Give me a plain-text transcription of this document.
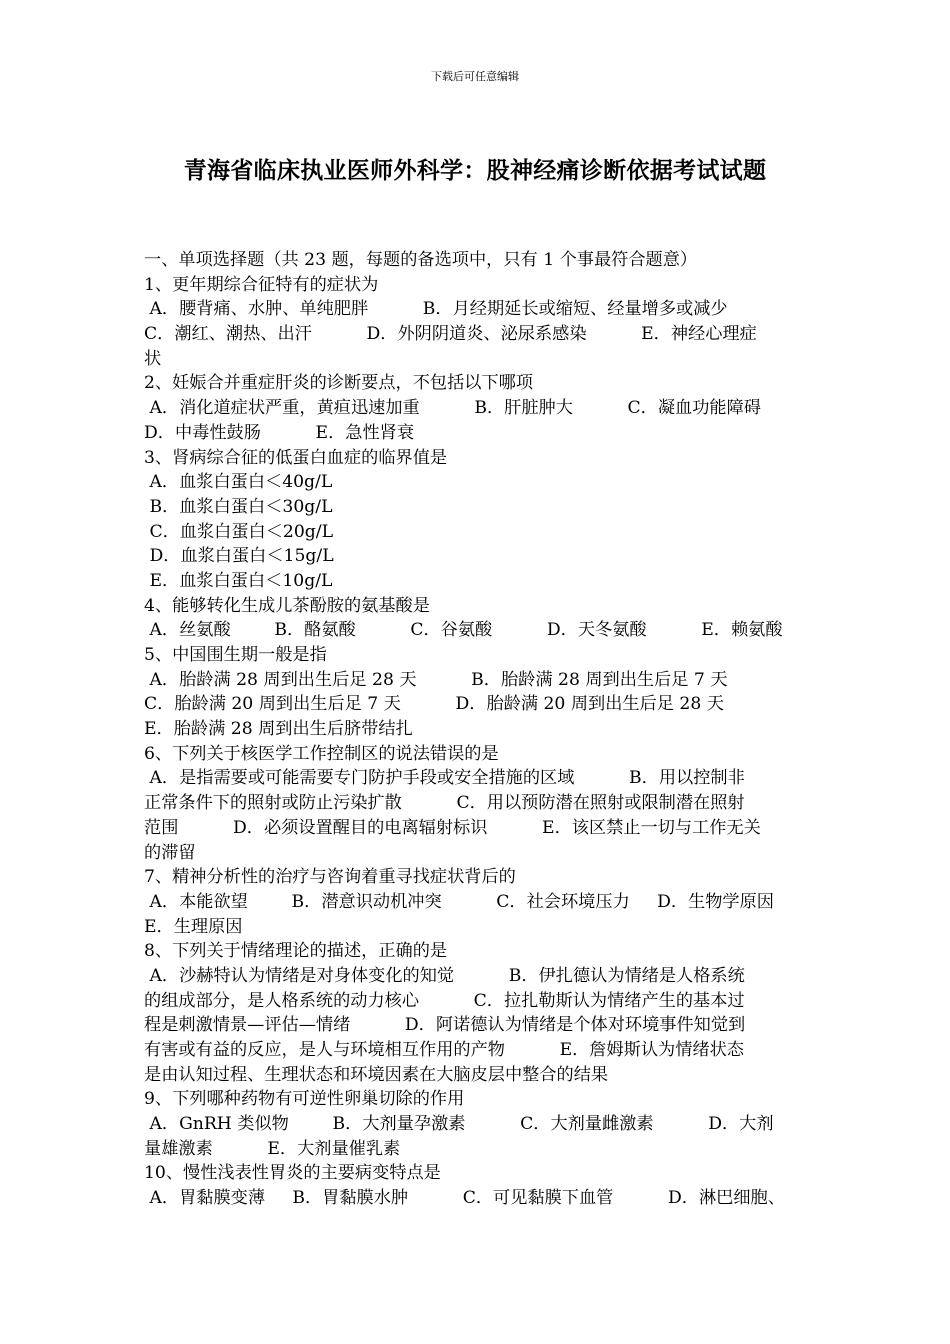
下载后可任意编辑
青海省临床执业医师外科学：股神经痛诊断依据考试试题
一、单项选择题（共 23 题，每题的备选项中，只有 1 个事最符合题意）
1、更年期综合征特有的症状为
A．腰背痛、水肿、单纯肥胖          B．月经期延长或缩短、经量增多或减少
C．潮红、潮热、出汗          D．外阴阴道炎、泌尿系感染          E．神经心理症
状
2、妊娠合并重症肝炎的诊断要点，不包括以下哪项
A．消化道症状严重，黄疸迅速加重          B．肝脏肿大          C．凝血功能障碍
D．中毒性鼓肠          E．急性肾衰
3、肾病综合征的低蛋白血症的临界值是
A．血浆白蛋白＜40g/L
B．血浆白蛋白＜30g/L
C．血浆白蛋白＜20g/L
D．血浆白蛋白＜15g/L
E．血浆白蛋白＜10g/L
4、能够转化生成儿茶酚胺的氨基酸是
A．丝氨酸        B．酪氨酸          C．谷氨酸          D．天冬氨酸          E．赖氨酸
5、中国围生期一般是指
A．胎龄满 28 周到出生后足 28 天          B．胎龄满 28 周到出生后足 7 天
C．胎龄满 20 周到出生后足 7 天          D．胎龄满 20 周到出生后足 28 天
E．胎龄满 28 周到出生后脐带结扎
6、下列关于核医学工作控制区的说法错误的是
A．是指需要或可能需要专门防护手段或安全措施的区域          B．用以控制非
正常条件下的照射或防止污染扩散          C．用以预防潜在照射或限制潜在照射
范围          D．必须设置醒目的电离辐射标识          E．该区禁止一切与工作无关
的滞留
7、精神分析性的治疗与咨询着重寻找症状背后的
A．本能欲望        B．潜意识动机冲突          C．社会环境压力     D．生物学原因
E．生理原因
8、下列关于情绪理论的描述，正确的是
A．沙赫特认为情绪是对身体变化的知觉          B．伊扎德认为情绪是人格系统
的组成部分，是人格系统的动力核心          C．拉扎勒斯认为情绪产生的基本过
程是刺激情景—评估—情绪          D．阿诺德认为情绪是个体对环境事件知觉到
有害或有益的反应，是人与环境相互作用的产物          E．詹姆斯认为情绪状态
是由认知过程、生理状态和环境因素在大脑皮层中整合的结果
9、下列哪种药物有可逆性卵巢切除的作用
A．GnRH 类似物        B．大剂量孕激素          C．大剂量雌激素          D．大剂
量雄激素          E．大剂量催乳素
10、慢性浅表性胃炎的主要病变特点是
A．胃黏膜变薄     B．胃黏膜水肿          C．可见黏膜下血管          D．淋巴细胞、
